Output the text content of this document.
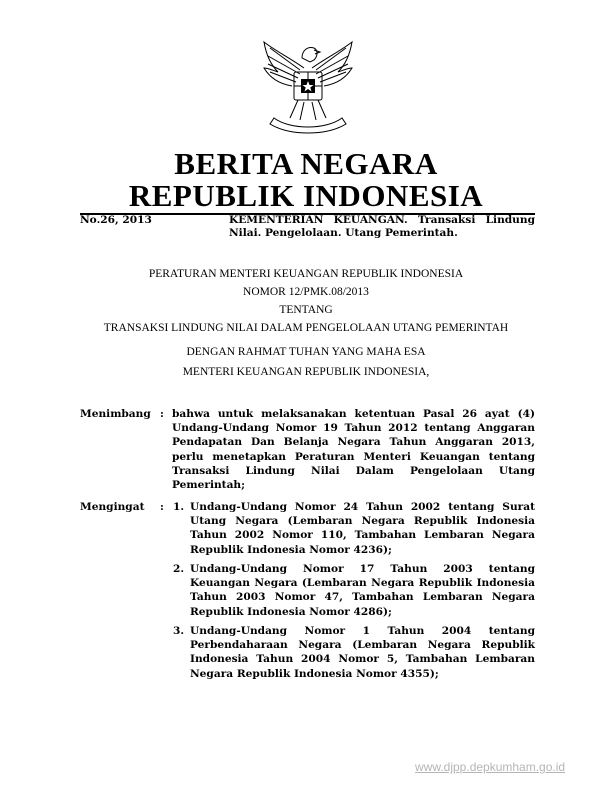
BERITA NEGARA
REPUBLIK INDONESIA
No.26, 2013	KEMENTERIAN KEUANGAN. Transaksi Lindung Nilai. Pengelolaan. Utang Pemerintah.
PERATURAN MENTERI KEUANGAN REPUBLIK INDONESIA
NOMOR 12/PMK.08/2013
TENTANG
TRANSAKSI LINDUNG NILAI DALAM PENGELOLAAN UTANG PEMERINTAH
DENGAN RAHMAT TUHAN YANG MAHA ESA
MENTERI KEUANGAN REPUBLIK INDONESIA,
Menimbang : bahwa untuk melaksanakan ketentuan Pasal 26 ayat (4) Undang-Undang Nomor 19 Tahun 2012 tentang Anggaran Pendapatan Dan Belanja Negara Tahun Anggaran 2013, perlu menetapkan Peraturan Menteri Keuangan tentang Transaksi Lindung Nilai Dalam Pengelolaan Utang Pemerintah;
Mengingat : 1. Undang-Undang Nomor 24 Tahun 2002 tentang Surat Utang Negara (Lembaran Negara Republik Indonesia Tahun 2002 Nomor 110, Tambahan Lembaran Negara Republik Indonesia Nomor 4236);
2. Undang-Undang Nomor 17 Tahun 2003 tentang Keuangan Negara (Lembaran Negara Republik Indonesia Tahun 2003 Nomor 47, Tambahan Lembaran Negara Republik Indonesia Nomor 4286);
3. Undang-Undang Nomor 1 Tahun 2004 tentang Perbendaharaan Negara (Lembaran Negara Republik Indonesia Tahun 2004 Nomor 5, Tambahan Lembaran Negara Republik Indonesia Nomor 4355);
www.djpp.depkumham.go.id
